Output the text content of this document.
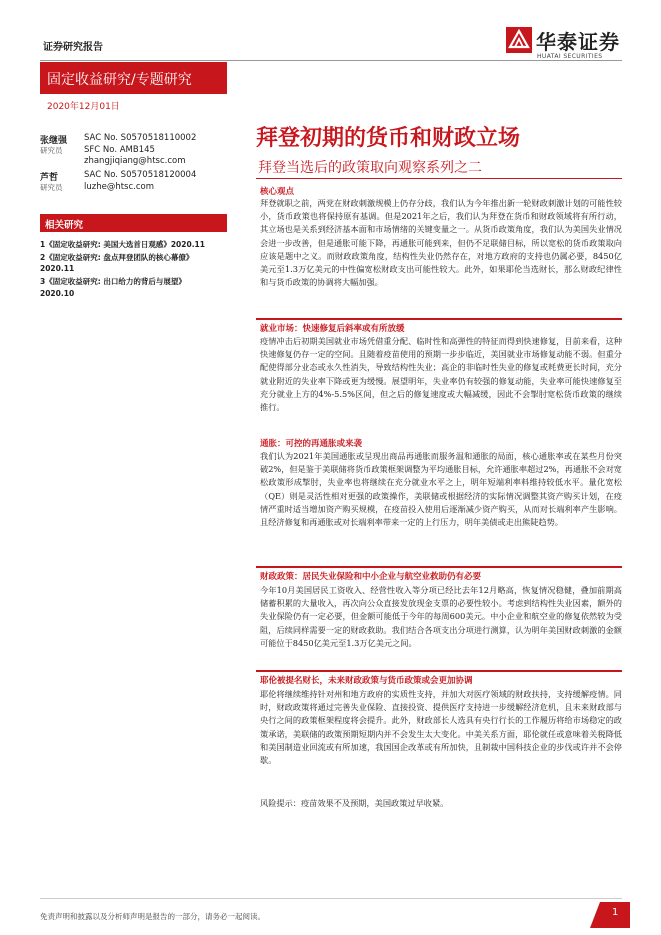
证券研究报告	华泰证券
HUATAI SECURITIES
固定收益研究/专题研究
2020年12月01日
张继强 SAC No. S0570518110002
研究员	SFC No. AMB145
zhangjiqiang@htsc.com
芦哲	SAC No. S0570518120004
研究员	luzhe@htsc.com
相关研究
1《固定收益研究: 美国大选首日观感》2020.11
2《固定收益研究: 盘点拜登团队的核心幕僚》
2020.11
3《固定收益研究: 出口给力的背后与展望》
2020.10
拜登初期的货币和财政立场
拜登当选后的政策取向观察系列之二
核心观点
拜登就职之前，两党在财政刺激规模上仍存分歧，我们认为今年推出新一轮财政刺激计划的可能性较小，货币政策也将保持原有基调。但是2021年之后，我们认为拜登在货币和财政领域将有所行动，其立场也是关系到经济基本面和市场情绪的关键变量之一。从货币政策角度，我们认为美国失业情况会进一步改善，但是通胀可能下降，再通胀可能到来，但仍不足联储目标，所以宽松的货币政策取向应该是题中之义。而财政政策角度，结构性失业仍然存在，对地方政府的支持也仍属必要，8450亿美元至1.3万亿美元的中性偏宽松财政支出可能性较大。此外，如果耶伦当选财长，那么财政纪律性和与货币政策的协调将大幅加强。
就业市场：快速修复后斜率或有所放缓
疫情冲击后初期美国就业市场凭借重分配、临时性和高弹性的特征而得到快速修复，目前来看，这种快速修复仍存一定的空间。且随着疫苗使用的预期一步步临近，美国就业市场修复动能不弱。但重分配使得部分业态或永久性消失，导致结构性失业；高企的非临时性失业的修复或耗费更长时间，充分就业附近的失业率下降或更为缓慢。展望明年，失业率仍有较强的修复动能，失业率可能快速修复至充分就业上方的4%-5.5%区间，但之后的修复速度或大幅减缓，因此不会掣肘宽松货币政策的继续推行。
通胀：可控的再通胀或来袭
我们认为2021年美国通胀或呈现出商品再通胀而服务温和通胀的局面，核心通胀率或在某些月份突破2%，但是鉴于美联储将货币政策框架调整为平均通胀目标，允许通胀率超过2%，再通胀不会对宽松政策形成掣肘，失业率也将继续在充分就业水平之上，明年短端利率料维持较低水平。量化宽松（QE）则是灵活性相对更强的政策操作，美联储或根据经济的实际情况调整其资产购买计划，在疫情严重时适当增加资产购买规模，在疫苗投入使用后逐渐减少资产购买，从而对长端利率产生影响。且经济修复和再通胀或对长端利率带来一定的上行压力，明年美债或走出熊陡趋势。
财政政策：居民失业保险和中小企业与航空业救助仍有必要
今年10月美国居民工资收入、经营性收入等分项已经比去年12月略高，恢复情况稳健，叠加前期高储蓄积累的大量收入，再次向公众直接发放现金支票的必要性较小。考虑到结构性失业因素，额外的失业保险仍有一定必要，但金额可能低于今年的每周600美元。中小企业和航空业的修复依然较为受阻，后续同样需要一定的财政救助。我们结合各项支出分项进行测算，认为明年美国财政刺激的金额可能位于8450亿美元至1.3万亿美元之间。
耶伦被提名财长，未来财政政策与货币政策或会更加协调
耶伦将继续维持针对州和地方政府的实质性支持，并加大对医疗领域的财政扶持，支持缓解疫情。同时，财政政策将通过完善失业保险、直接投资、提供医疗支持进一步缓解经济危机，且未来财政部与央行之间的政策框架程度将会提升。此外，财政部长人选具有央行行长的工作履历将给市场稳定的政策承诺，美联储的政策预期短期内并不会发生太大变化。中美关系方面，耶伦就任或意味着关税降低和美国制造业回流或有所加速，我国国企改革或有所加快，且制裁中国科技企业的步伐或许并不会停歇。
风险提示：疫苗效果不及预期，美国政策过早收紧。
免责声明和披露以及分析师声明是报告的一部分，请务必一起阅读。	1
